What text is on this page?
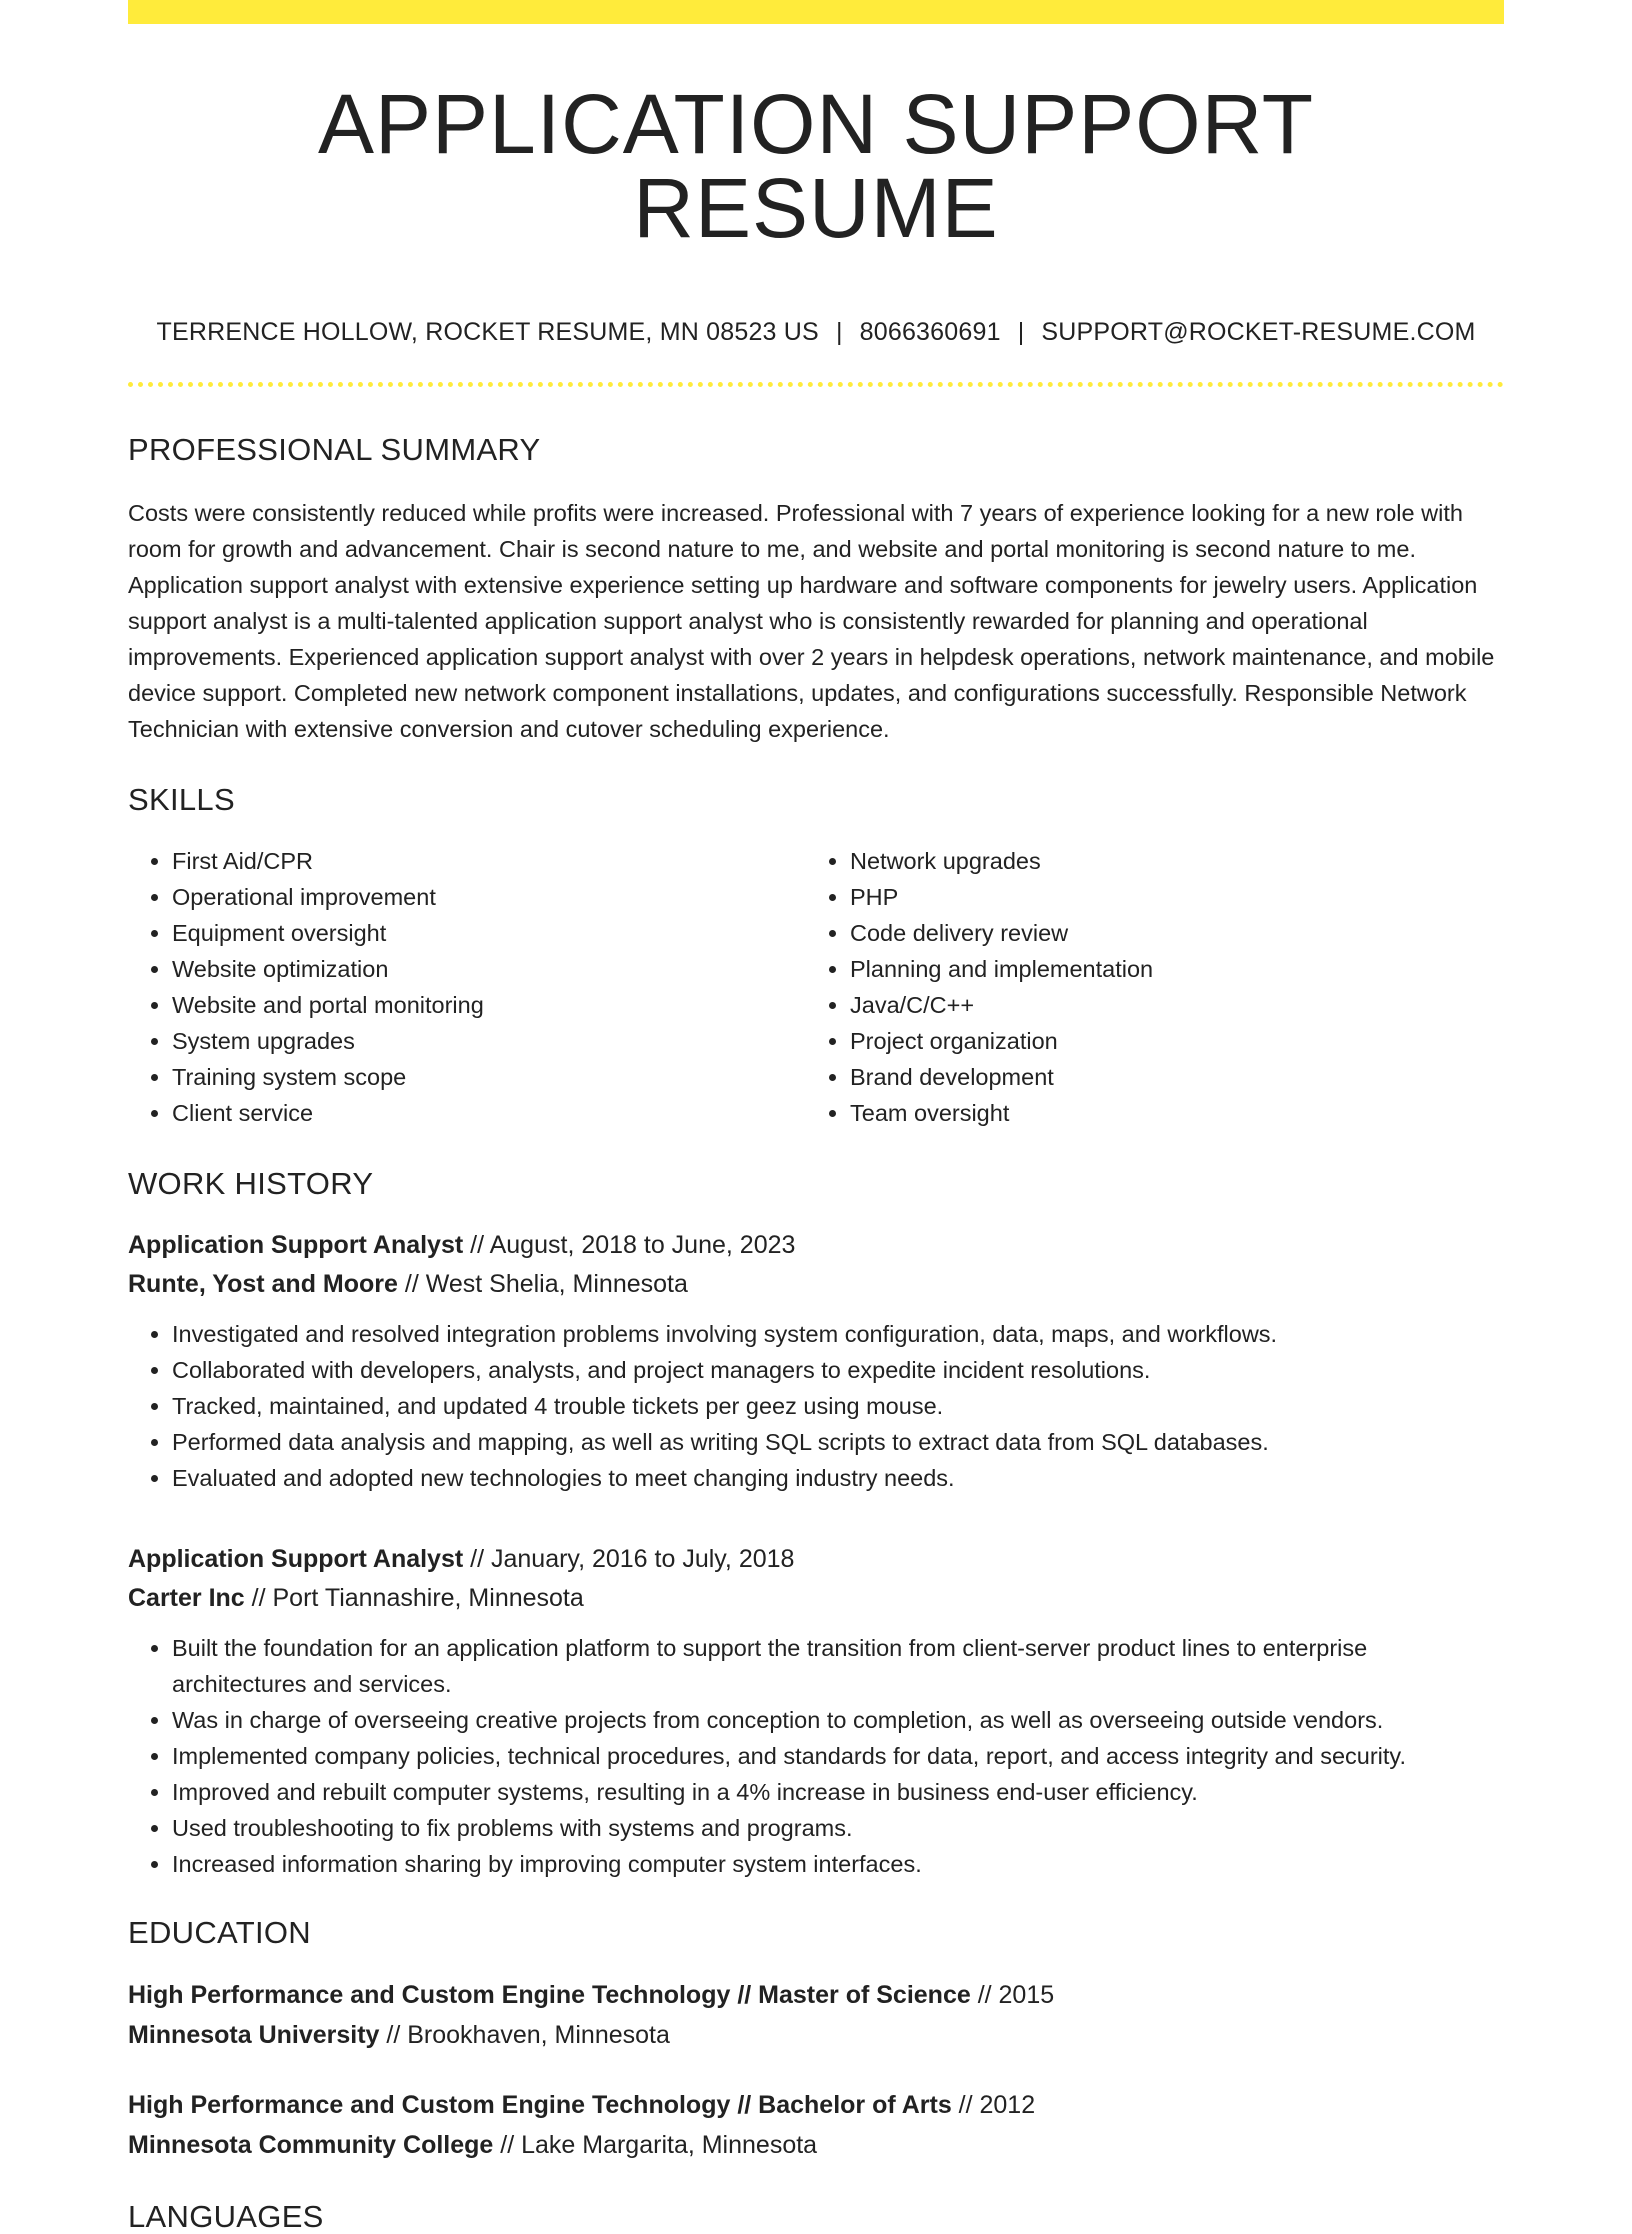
APPLICATION SUPPORT RESUME
TERRENCE HOLLOW, ROCKET RESUME, MN 08523 US | 8066360691 | SUPPORT@ROCKET-RESUME.COM
PROFESSIONAL SUMMARY

Costs were consistently reduced while profits were increased. Professional with 7 years of experience looking for a new role with room for growth and advancement. Chair is second nature to me, and website and portal monitoring is second nature to me. Application support analyst with extensive experience setting up hardware and software components for jewelry users. Application support analyst is a multi-talented application support analyst who is consistently rewarded for planning and operational improvements. Experienced application support analyst with over 2 years in helpdesk operations, network maintenance, and mobile device support. Completed new network component installations, updates, and configurations successfully. Responsible Network Technician with extensive conversion and cutover scheduling experience.

SKILLS
• First Aid/CPR
• Operational improvement
• Equipment oversight
• Website optimization
• Website and portal monitoring
• System upgrades
• Training system scope
• Client service
• Network upgrades
• PHP
• Code delivery review
• Planning and implementation
• Java/C/C++
• Project organization
• Brand development
• Team oversight
WORK HISTORY
Application Support Analyst // August, 2018 to June, 2023
Runte, Yost and Moore // West Shelia, Minnesota
• Investigated and resolved integration problems involving system configuration, data, maps, and workflows.
• Collaborated with developers, analysts, and project managers to expedite incident resolutions.
• Tracked, maintained, and updated 4 trouble tickets per geez using mouse.
• Performed data analysis and mapping, as well as writing SQL scripts to extract data from SQL databases.
• Evaluated and adopted new technologies to meet changing industry needs.
Application Support Analyst // January, 2016 to July, 2018
Carter Inc // Port Tiannashire, Minnesota
• Built the foundation for an application platform to support the transition from client-server product lines to enterprise architectures and services.
• Was in charge of overseeing creative projects from conception to completion, as well as overseeing outside vendors.
• Implemented company policies, technical procedures, and standards for data, report, and access integrity and security.
• Improved and rebuilt computer systems, resulting in a 4% increase in business end-user efficiency.
• Used troubleshooting to fix problems with systems and programs.
• Increased information sharing by improving computer system interfaces.
EDUCATION
High Performance and Custom Engine Technology // Master of Science // 2015
Minnesota University // Brookhaven, Minnesota
High Performance and Custom Engine Technology // Bachelor of Arts // 2012
Minnesota Community College // Lake Margarita, Minnesota
LANGUAGES
